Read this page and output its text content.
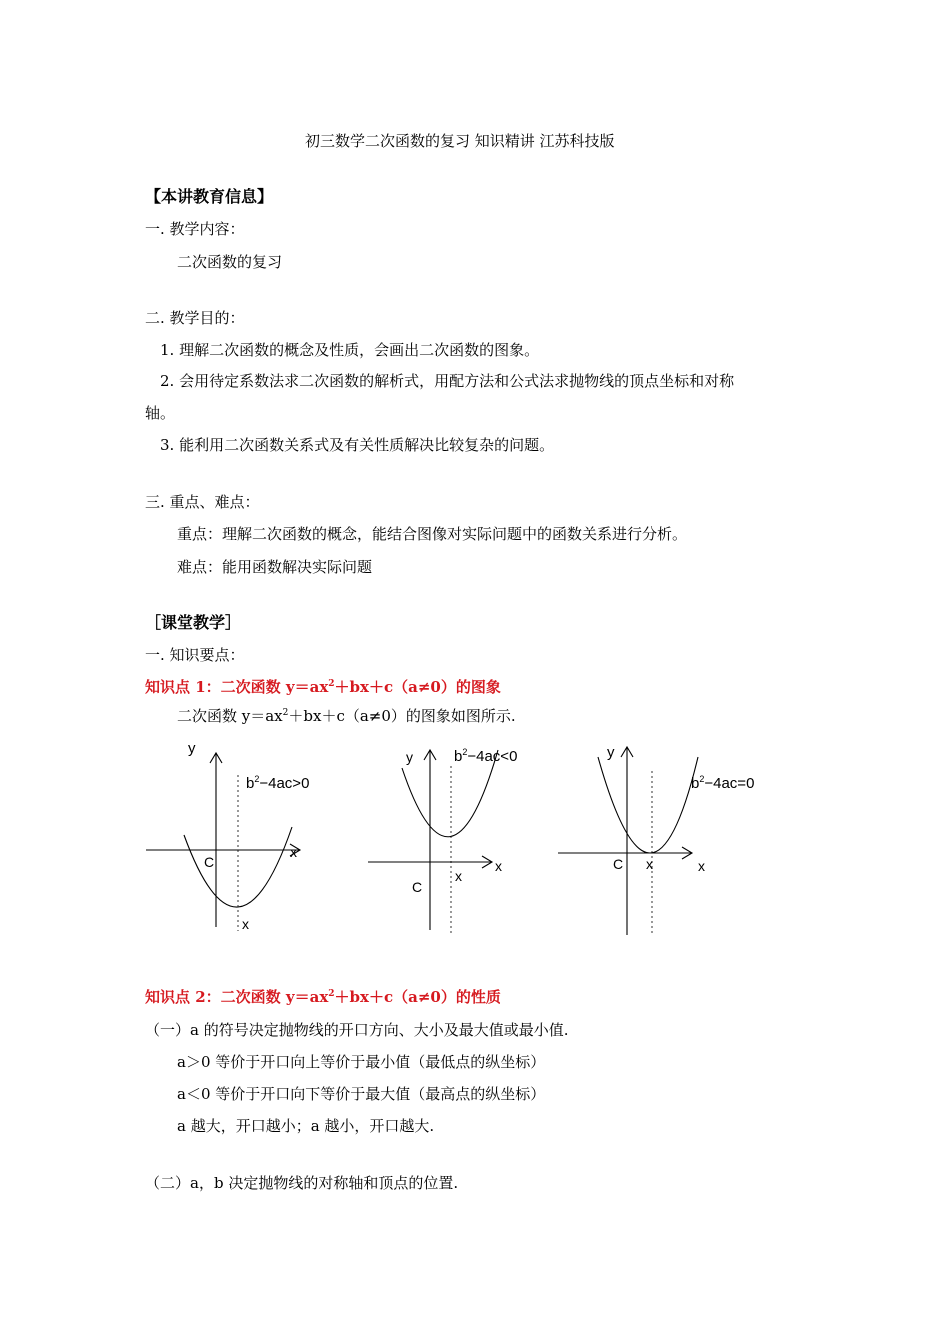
初三数学二次函数的复习 知识精讲 江苏科技版
【本讲教育信息】
一. 教学内容：
二次函数的复习
二. 教学目的：
1. 理解二次函数的概念及性质，会画出二次函数的图象。
2. 会用待定系数法求二次函数的解析式，用配方法和公式法求抛物线的顶点坐标和对称
轴。
3. 能利用二次函数关系式及有关性质解决比较复杂的问题。
三. 重点、难点：
重点：理解二次函数的概念，能结合图像对实际问题中的函数关系进行分析。
难点：能用函数解决实际问题
［课堂教学］
一. 知识要点：
知识点 1：二次函数 $y=ax^2+bx+c(a\ne 0)$的图象
二次函数 $y=ax^2+bx+c(a\ne 0)$的图象如图所示.
y
x
C
x
$b^2-4ac>0$
y
x
C
x
$b^2-4ac<0$	y
x
C x
$b^2-4ac=0$
知识点 2：二次函数 $y=ax^2+bx+c(a\ne 0)$的性质
（一）a 的符号决定抛物线的开口方向、大小及最大值或最小值.
a＞0 等价于开口向上等价于最小值（最低点的纵坐标）
a＜0 等价于开口向下等价于最大值（最高点的纵坐标）
a 越大，开口越小；a 越小，开口越大.
（二）a，b 决定抛物线的对称轴和顶点的位置.
